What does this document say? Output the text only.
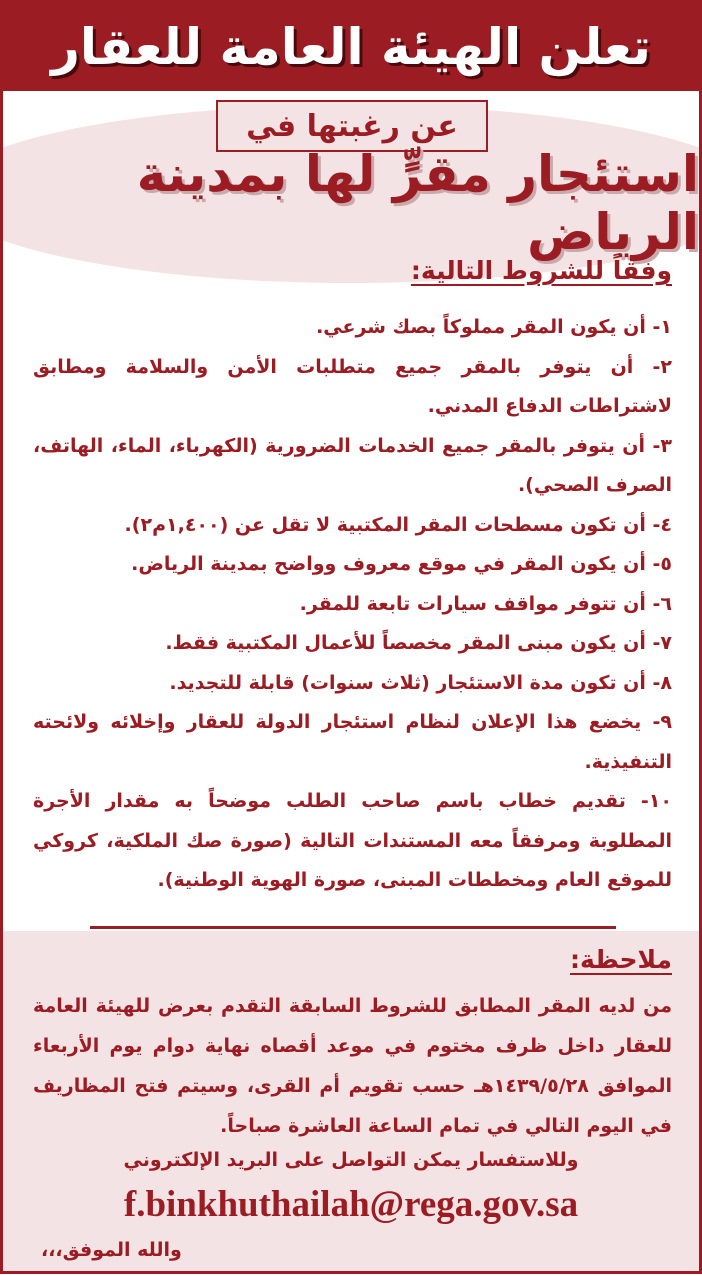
تعلن الهيئة العامة للعقار
عن رغبتها في
استئجار مقرٍّ لها بمدينة الرياض
وفقاً للشروط التالية:
١- أن يكون المقر مملوكاً بصك شرعي.
٢- أن يتوفر بالمقر جميع متطلبات الأمن والسلامة ومطابق لاشتراطات الدفاع المدني.
٣- أن يتوفر بالمقر جميع الخدمات الضرورية (الكهرباء، الماء، الهاتف، الصرف الصحي).
٤- أن تكون مسطحات المقر المكتبية لا تقل عن (١,٤٠٠م٢).
٥- أن يكون المقر في موقع معروف وواضح بمدينة الرياض.
٦- أن تتوفر مواقف سيارات تابعة للمقر.
٧- أن يكون مبنى المقر مخصصاً للأعمال المكتبية فقط.
٨- أن تكون مدة الاستئجار (ثلاث سنوات) قابلة للتجديد.
٩- يخضع هذا الإعلان لنظام استئجار الدولة للعقار وإخلائه ولائحته التنفيذية.
١٠- تقديم خطاب باسم صاحب الطلب موضحاً به مقدار الأجرة المطلوبة ومرفقاً معه المستندات التالية (صورة صك الملكية، كروكي للموقع العام ومخططات المبنى، صورة الهوية الوطنية).
ملاحظة:
من لديه المقر المطابق للشروط السابقة التقدم بعرض للهيئة العامة للعقار داخل ظرف مختوم في موعد أقصاه نهاية دوام يوم الأربعاء الموافق ١٤٣٩/٥/٢٨هـ حسب تقويم أم القرى، وسيتم فتح المظاريف في اليوم التالي في تمام الساعة العاشرة صباحاً.
وللاستفسار يمكن التواصل على البريد الإلكتروني
f.binkhuthailah@rega.gov.sa
والله الموفق،،،
